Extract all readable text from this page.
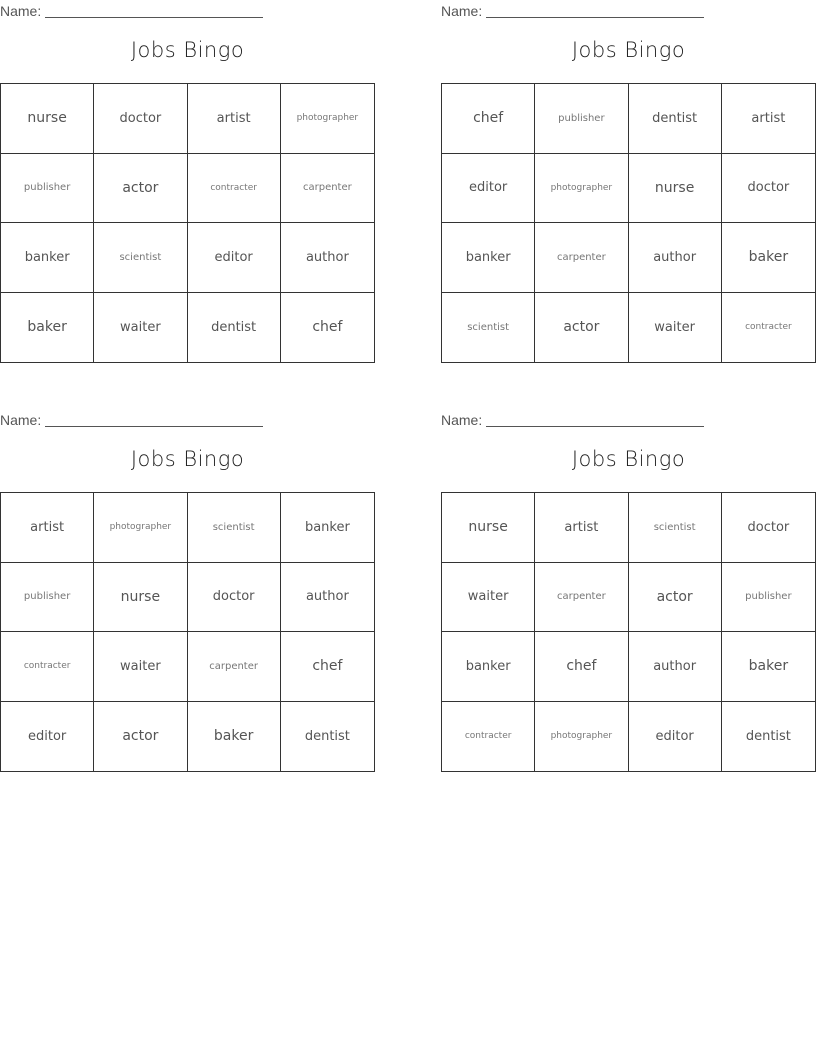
Name:
Jobs Bingo
nurse	doctor	artist	photographer
publisher	actor	contracter	carpenter
banker	scientist	editor	author
baker	waiter	dentist	chef
Name:
Jobs Bingo
chef	publisher	dentist	artist
editor	photographer	nurse	doctor
banker	carpenter	author	baker
scientist	actor	waiter	contracter
Name:
Jobs Bingo
artist	photographer	scientist	banker
publisher	nurse	doctor	author
contracter	waiter	carpenter	chef
editor	actor	baker	dentist
Name:
Jobs Bingo
nurse	artist	scientist	doctor
waiter	carpenter	actor	publisher
banker	chef	author	baker
contracter	photographer	editor	dentist
